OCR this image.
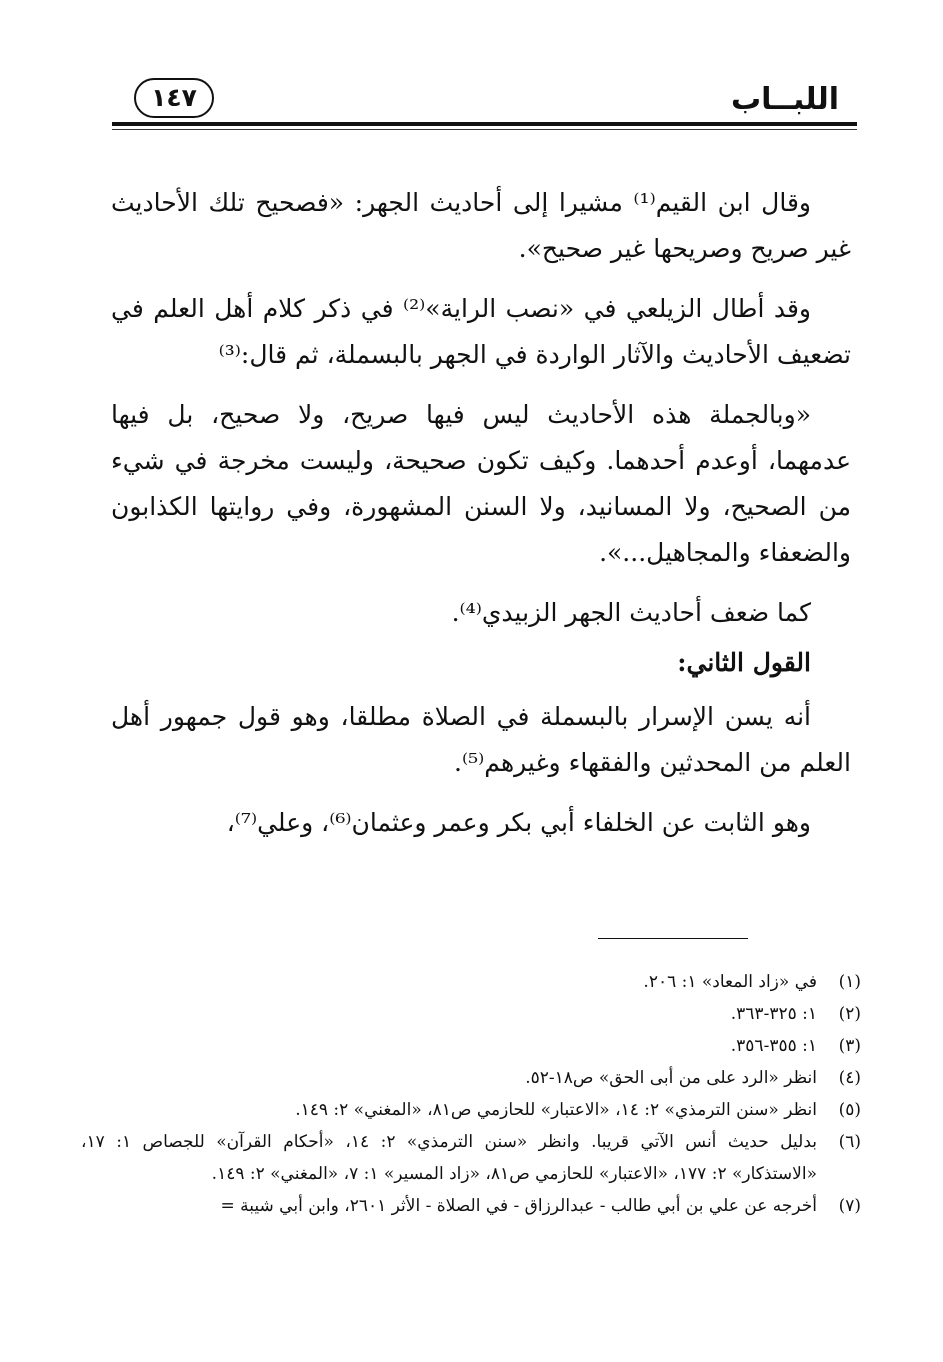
اللبــاب
١٤٧

وقال ابن القيم⁽¹⁾ مشيرا إلى أحاديث الجهر: «فصحيح تلك الأحاديث غير صريح وصريحها غير صحيح».

وقد أطال الزيلعي في «نصب الراية»⁽²⁾ في ذكر كلام أهل العلم في تضعيف الأحاديث والآثار الواردة في الجهر بالبسملة، ثم قال:⁽³⁾

«وبالجملة هذه الأحاديث ليس فيها صريح، ولا صحيح، بل فيها عدمهما، أوعدم أحدهما. وكيف تكون صحيحة، وليست مخرجة في شيء من الصحيح، ولا المسانيد، ولا السنن المشهورة، وفي روايتها الكذابون والضعفاء والمجاهيل...».

كما ضعف أحاديث الجهر الزبيدي⁽⁴⁾.

القول الثاني:

أنه يسن الإسرار بالبسملة في الصلاة مطلقا، وهو قول جمهور أهل العلم من المحدثين والفقهاء وغيرهم⁽⁵⁾.

وهو الثابت عن الخلفاء أبي بكر وعمر وعثمان⁽⁶⁾، وعلي⁽⁷⁾،

(١)
في «زاد المعاد» ١: ٢٠٦.
(٢)
١: ٣٢٥-٣٦٣.
(٣)
١: ٣٥٥-٣٥٦.
(٤)
انظر «الرد على من أبى الحق» ص١٨-٥٢.
(٥)
انظر «سنن الترمذي» ٢: ١٤، «الاعتبار» للحازمي ص٨١، «المغني» ٢: ١٤٩.
(٦)
بدليل حديث أنس الآتي قريبا. وانظر «سنن الترمذي» ٢: ١٤، «أحكام القرآن» للجصاص ١: ١٧، «الاستذكار» ٢: ١٧٧، «الاعتبار» للحازمي ص٨١، «زاد المسير» ١: ٧، «المغني» ٢: ١٤٩.
(٧)
أخرجه عن علي بن أبي طالب - عبدالرزاق - في الصلاة - الأثر ٢٦٠١، وابن أبي شيبة =
